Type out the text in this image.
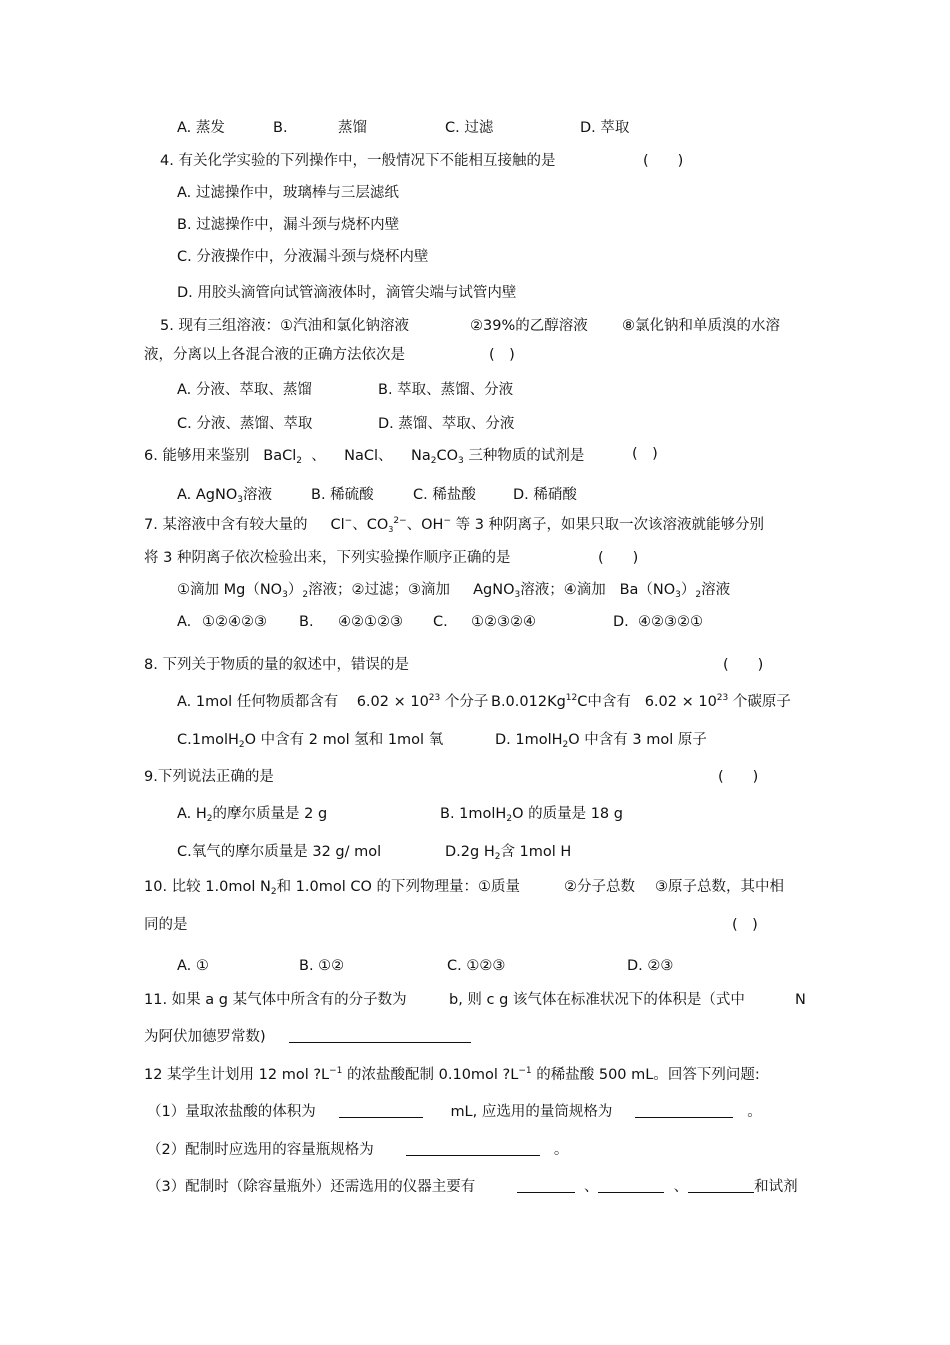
A. 蒸发	B.	蒸馏	C. 过滤	D. 萃取
4. 有关化学实验的下列操作中，一般情况下不能相互接触的是	(　　)
A. 过滤操作中，玻璃棒与三层滤纸
B. 过滤操作中，漏斗颈与烧杯内壁
C. 分液操作中，分液漏斗颈与烧杯内壁
D. 用胶头滴管向试管滴液体时，滴管尖端与试管内壁
5. 现有三组溶液：①汽油和氯化钠溶液	②39%的乙醇溶液 ⑧氯化钠和单质溴的水溶
液，分离以上各混合液的正确方法依次是	(　)
A. 分液、萃取、蒸馏	B. 萃取、蒸馏、分液
C. 分液、蒸馏、萃取	D. 蒸馏、萃取、分液
6. 能够用来鉴别 BaCl$_2$ 、 NaCl、 $Na_2CO_3$ 三种物质的试剂是	(　)
A. AgNO$_3$溶液	B. 稀硫酸	C. 稀盐酸	D. 稀硝酸
7. 某溶液中含有较大量的 Cl−、$CO_3^{2-}$、OH− 等 3 种阴离子，如果只取一次该溶液就能够分别
将 3 种阴离子依次检验出来，下列实验操作顺序正确的是	(　　)
①滴加 $Mg(NO_3)_2$溶液；②过滤；③滴加 AgNO$_3$溶液；④滴加 $Ba(NO_3)_2$溶液
A. ①②④②③ B. ④②①②③ C. ①②③②④	D. ④②③②①
8. 下列关于物质的量的叙述中，错误的是	(　　)
A. 1mol 任何物质都含有 $6.02 \times 10^{23}$ 个分子 B.0.012Kg$^{12}$C中含有 $6.02 \times 10^{23}$ 个碳原子
C.1molH$_2$O 中含有 2 mol 氢和 1mol 氧	D. 1molH$_2$O 中含有 3 mol 原子
9.下列说法正确的是	(　　)
A. $H_2$的摩尔质量是 2 g	B. 1molH$_2$O 的质量是 18 g
C.氧气的摩尔质量是 32 g/ mol	D.2g $H_2$含 1mol H
10. 比较 1.0mol $N_2$和 1.0mol CO 的下列物理量：①质量	②分子总数 ③原子总数，其中相
同的是	(　)
A. ①	B. ①②	C. ①②③	D. ②③
11. 如果 a g 某气体中所含有的分子数为	b, 则 c g 该气体在标准状况下的体积是（式中	N
为阿伏加德罗常数)
12 某学生计划用 12 mol $?L^{-1}$ 的浓盐酸配制 0.10mol $?L^{-1}$ 的稀盐酸 500 mL。回答下列问题:
（1）量取浓盐酸的体积为	mL, 应选用的量筒规格为	。
（2）配制时应选用的容量瓶规格为	。
（3）配制时（除容量瓶外）还需选用的仪器主要有	、	、	和试剂
